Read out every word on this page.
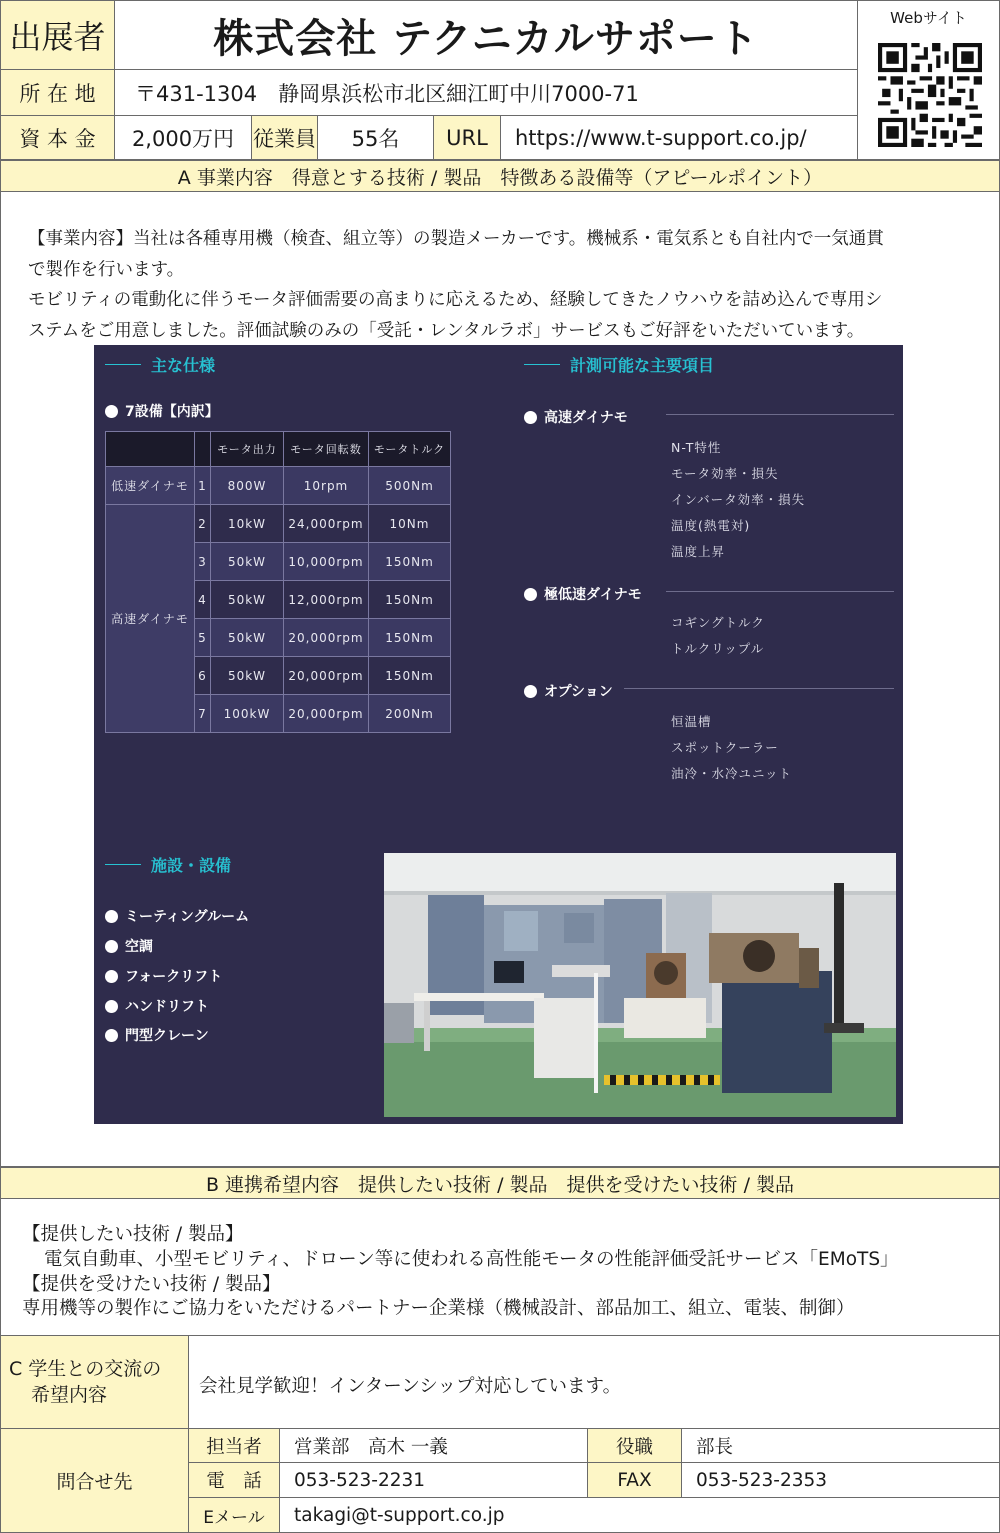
出展者	株式会社 テクニカルサポート
所 在 地	〒431-1304　静岡県浜松市北区細江町中川7000-71
資 本 金	2,000万円 従業員	55名	URL	https://www.t-support.co.jp/
Webサイト
A 事業内容　得意とする技術 / 製品　特徴ある設備等（アピールポイント）
【事業内容】当社は各種専用機（検査、組立等）の製造メーカーです。機械系・電気系とも自社内で一気通貫
で製作を行います。
モビリティの電動化に伴うモータ評価需要の高まりに応えるため、経験してきたノウハウを詰め込んで専用シ
ステムをご用意しました。評価試験のみの「受託・レンタルラボ」サービスもご好評をいただいています。
主な仕様
7設備【内訳】
		モータ出力	モータ回転数	モータトルク
低速ダイナモ	1	800W	10rpm	500Nm
高速ダイナモ	2	10kW	24,000rpm	10Nm
	3	50kW	10,000rpm	150Nm
	4	50kW	12,000rpm	150Nm
	5	50kW	20,000rpm	150Nm
	6	50kW	20,000rpm	150Nm
	7	100kW	20,000rpm	200Nm
計測可能な主要項目
高速ダイナモ
N-T特性
モータ効率・損失
インバータ効率・損失
温度(熱電対)
温度上昇
極低速ダイナモ
コギングトルク
トルクリップル
オプション
恒温槽
スポットクーラー
油冷・水冷ユニット
施設・設備
ミーティングルーム
空調
フォークリフト
ハンドリフト
門型クレーン
B 連携希望内容　提供したい技術 / 製品　提供を受けたい技術 / 製品
【提供したい技術 / 製品】
電気自動車、小型モビリティ、ドローン等に使われる高性能モータの性能評価受託サービス「EMoTS」
【提供を受けたい技術 / 製品】
専用機等の製作にご協力をいただけるパートナー企業様（機械設計、部品加工、組立、電装、制御）
C 学生との交流の
希望内容	会社見学歓迎！インターンシップ対応しています。
問合せ先
担当者	営業部　高木 一義	役職	部長
電　話	053-523-2231	FAX	053-523-2353
Eメール	takagi@t-support.co.jp
